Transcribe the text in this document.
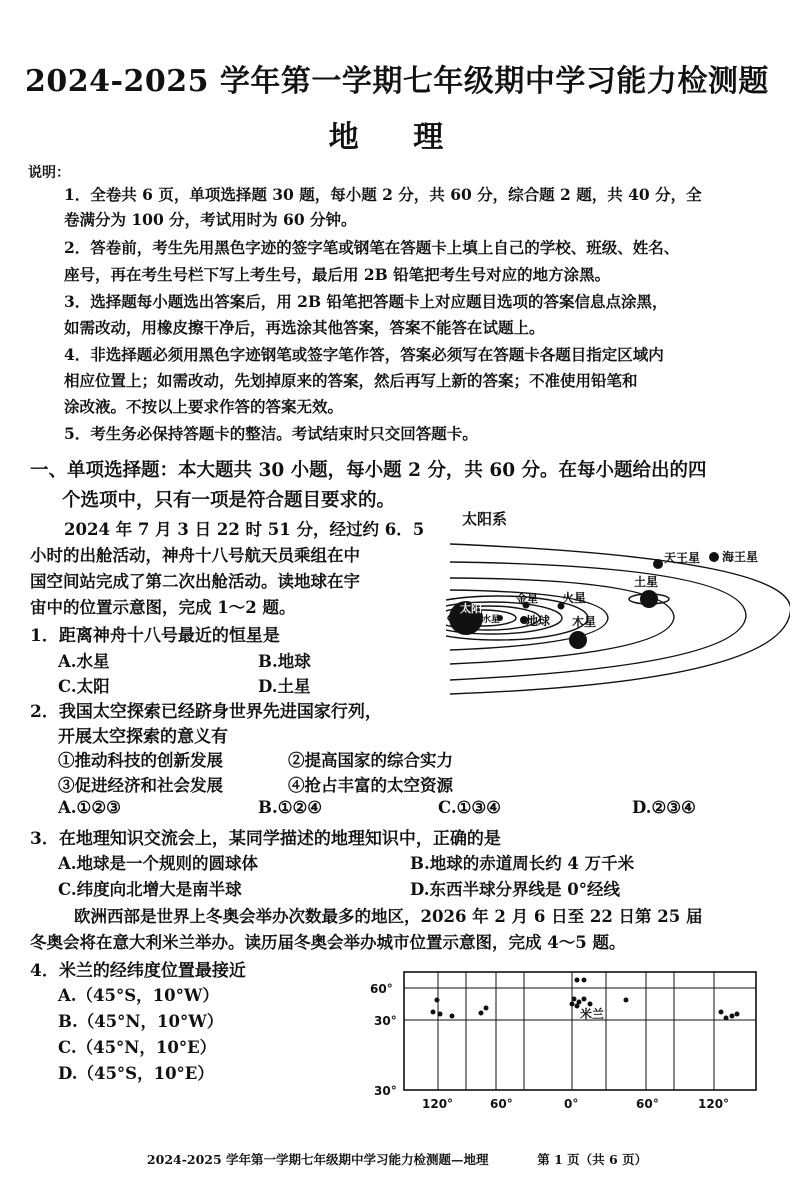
2024-2025 学年第一学期七年级期中学习能力检测题
地 理
说明：
1．全卷共 6 页，单项选择题 30 题，每小题 2 分，共 60 分，综合题 2 题，共 40 分，全
卷满分为 100 分，考试用时为 60 分钟。
2．答卷前，考生先用黑色字迹的签字笔或钢笔在答题卡上填上自己的学校、班级、姓名、
座号，再在考生号栏下写上考生号，最后用 2B 铅笔把考生号对应的地方涂黑。
3．选择题每小题选出答案后，用 2B 铅笔把答题卡上对应题目选项的答案信息点涂黑，
如需改动，用橡皮擦干净后，再选涂其他答案，答案不能答在试题上。
4．非选择题必须用黑色字迹钢笔或签字笔作答，答案必须写在答题卡各题目指定区域内
相应位置上；如需改动，先划掉原来的答案，然后再写上新的答案；不准使用铅笔和
涂改液。不按以上要求作答的答案无效。
5．考生务必保持答题卡的整洁。考试结束时只交回答题卡。
一、单项选择题：本大题共 30 小题，每小题 2 分，共 60 分。在每小题给出的四
个选项中，只有一项是符合题目要求的。
2024 年 7 月 3 日 22 时 51 分，经过约 6．5
小时的出舱活动，神舟十八号航天员乘组在中
国空间站完成了第二次出舱活动。读地球在宇
宙中的位置示意图，完成 1～2 题。
太阳系
太阳
水星
金星
地球
火星
木星
土星
天王星 海王星
1．距离神舟十八号最近的恒星是
A.水星	B.地球
C.太阳	D.土星
2．我国太空探索已经跻身世界先进国家行列，
开展太空探索的意义有
①推动科技的创新发展	②提高国家的综合实力
③促进经济和社会发展	④抢占丰富的太空资源
A.①②③	B.①②④	C.①③④	D.②③④
3．在地理知识交流会上，某同学描述的地理知识中，正确的是
A.地球是一个规则的圆球体	B.地球的赤道周长约 4 万千米
C.纬度向北增大是南半球	D.东西半球分界线是 0°经线
欧洲西部是世界上冬奥会举办次数最多的地区，2026 年 2 月 6 日至 22 日第 25 届
冬奥会将在意大利米兰举办。读历届冬奥会举办城市位置示意图，完成 4～5 题。
4．米兰的经纬度位置最接近
A.（45°S，10°W）
B.（45°N，10°W）
C.（45°N，10°E）
D.（45°S，10°E）
60°
30°
30°
120°	60°	0°	60°	120°
米兰
2024-2025 学年第一学期七年级期中学习能力检测题—地理	第 1 页（共 6 页）
